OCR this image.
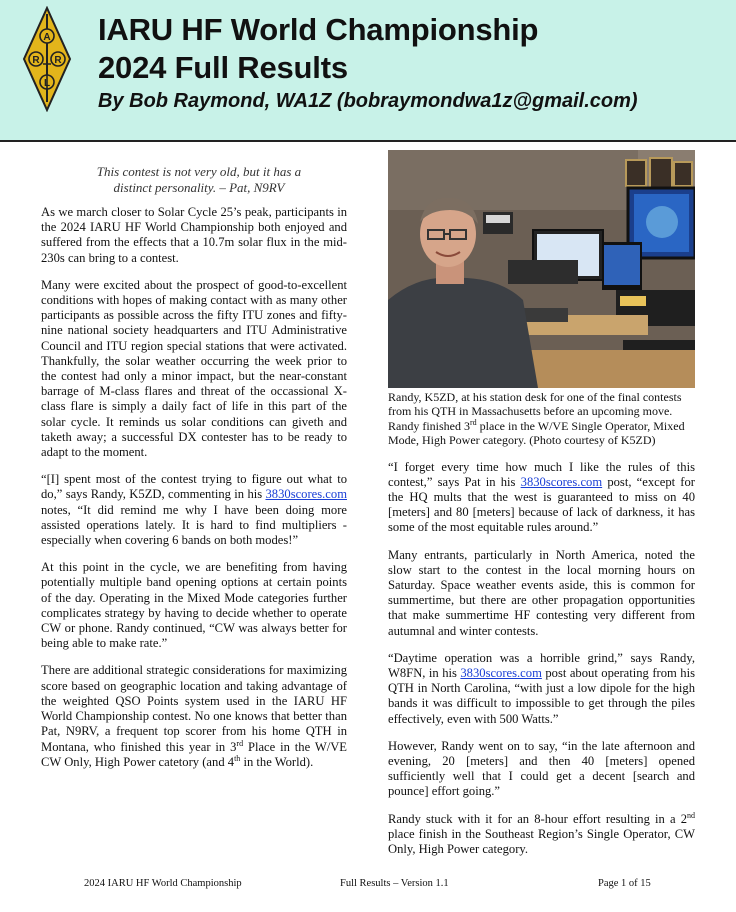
A
R R
L
IARU HF World Championship
2024 Full Results
By Bob Raymond, WA1Z (bobraymondwa1z@gmail.com)
This contest is not very old, but it has a distinct personality. – Pat, N9RV

As we march closer to Solar Cycle 25’s peak, participants in the 2024 IARU HF World Championship both enjoyed and suffered from the effects that a 10.7m solar flux in the mid-230s can bring to a contest.

Many were excited about the prospect of good-to-excellent conditions with hopes of making contact with as many other participants as possible across the fifty ITU zones and fifty-nine national society headquarters and ITU Administrative Council and ITU region special stations that were activated. Thankfully, the solar weather occurring the week prior to the contest had only a minor impact, but the near-constant barrage of M-class flares and threat of the occassional X-class flare is simply a daily fact of life in this part of the solar cycle. It reminds us solar conditions can giveth and taketh away; a successful DX contester has to be ready to adapt to the moment.

“[I] spent most of the contest trying to figure out what to do,” says Randy, K5ZD, commenting in his 3830scores.com notes, “It did remind me why I have been doing more assisted operations lately. It is hard to find multipliers - especially when covering 6 bands on both modes!”

At this point in the cycle, we are benefiting from having potentially multiple band opening options at certain points of the day. Operating in the Mixed Mode categories further complicates strategy by having to decide whether to operate CW or phone. Randy continued, “CW was always better for being able to make rate.”

There are additional strategic considerations for maximizing score based on geographic location and taking advantage of the weighted QSO Points system used in the IARU HF World Championship contest. No one knows that better than Pat, N9RV, a frequent top scorer from his home QTH in Montana, who finished this year in 3rd Place in the W/VE CW Only, High Power catetory (and 4th in the World).

Randy, K5ZD, at his station desk for one of the final contests from his QTH in Massachusetts before an upcoming move. Randy finished 3rd place in the W/VE Single Operator, Mixed Mode, High Power category. (Photo courtesy of K5ZD)

“I forget every time how much I like the rules of this contest,” says Pat in his 3830scores.com post, “except for the HQ mults that the west is guaranteed to miss on 40 [meters] and 80 [meters] because of lack of darkness, it has some of the most equitable rules around.”

Many entrants, particularly in North America, noted the slow start to the contest in the local morning hours on Saturday. Space weather events aside, this is common for summertime, but there are other propagation opportunities that make summertime HF contesting very different from autumnal and winter contests.

“Daytime operation was a horrible grind,” says Randy, W8FN, in his 3830scores.com post about operating from his QTH in North Carolina, “with just a low dipole for the high bands it was difficult to impossible to get through the piles effectively, even with 500 Watts.”

However, Randy went on to say, “in the late afternoon and evening, 20 [meters] and then 40 [meters] opened sufficiently well that I could get a decent [search and pounce] effort going.”

Randy stuck with it for an 8-hour effort resulting in a 2nd place finish in the Southeast Region’s Single Operator, CW Only, High Power category.

2024 IARU HF World Championship	Full Results – Version 1.1	Page 1 of 15
